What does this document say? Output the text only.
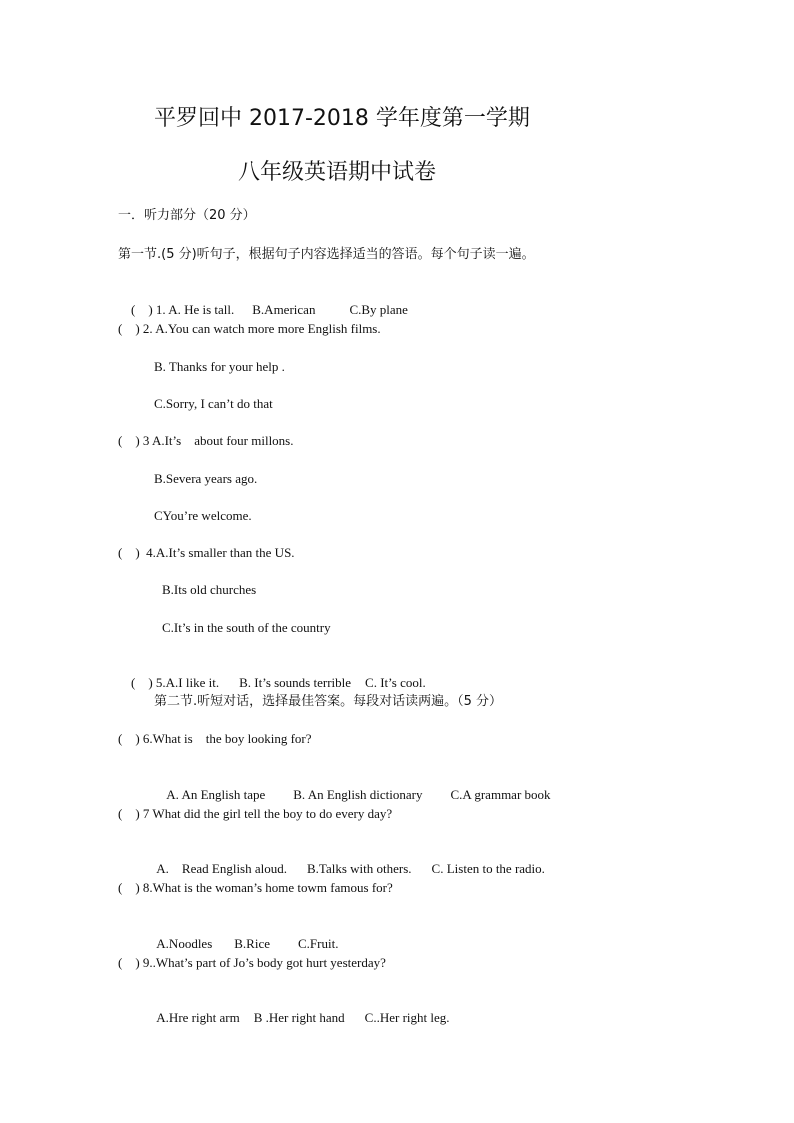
平罗回中 2017-2018 学年度第一学期
八年级英语期中试卷
一．听力部分（20 分）
第一节.(5 分)听句子，根据句子内容选择适当的答语。每个句子读一遍。

(    ) 1. A. He is tall. B.American	C.By plane

(    ) 2. A.You can watch more more English films.
B. Thanks for your help .
C.Sorry, I can’t do that
(    ) 3 A.It’s    about four millons.
B.Severa years ago.
CYou’re welcome.
(    )  4.A.It’s smaller than the US.
B.Its old churches
C.It’s in the south of the country

(    ) 5.A.I like it. B. It’s sounds terrible C. It’s cool.

第二节.听短对话，选择最佳答案。每段对话读两遍。（5 分）
(    ) 6.What is    the boy looking for?

A. An English tape B. An English dictionary C.A grammar book

(    ) 7 What did the girl tell the boy to do every day?

A.    Read English aloud. B.Talks with others. C. Listen to the radio.

(    ) 8.What is the woman’s home towm famous for?

A.Noodles B.Rice C.Fruit.

(    ) 9..What’s part of Jo’s body got hurt yesterday?

A.Hre right arm B .Her right hand C..Her right leg.
